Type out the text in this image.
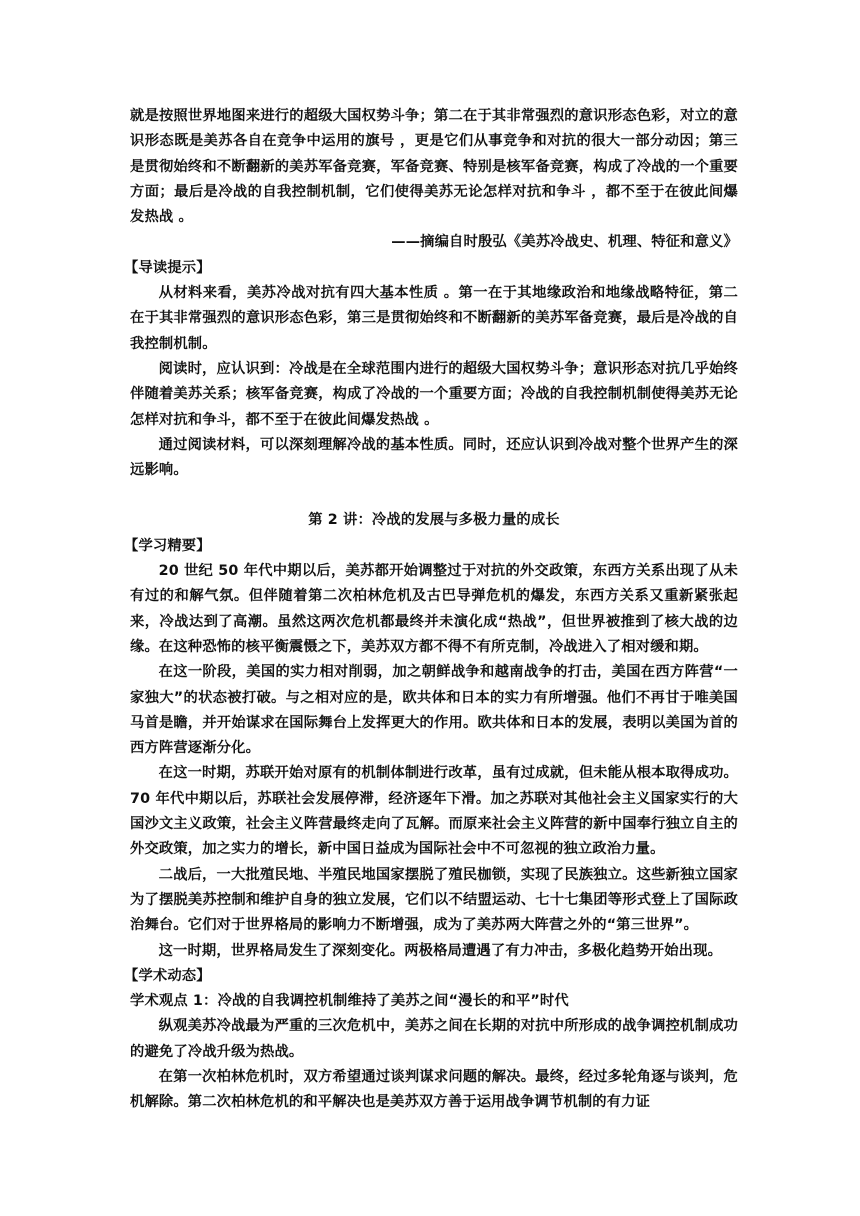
就是按照世界地图来进行的超级大国权势斗争；第二在于其非常强烈的意识形态色彩，对立的意识形态既是美苏各自在竞争中运用的旗号 ，更是它们从事竞争和对抗的很大一部分动因；第三是贯彻始终和不断翻新的美苏军备竞赛，军备竞赛、特别是核军备竞赛，构成了冷战的一个重要方面；最后是冷战的自我控制机制，它们使得美苏无论怎样对抗和争斗 ，都不至于在彼此间爆发热战 。

——摘编自时殷弘《美苏冷战史、机理、特征和意义》

【导读提示】

从材料来看，美苏冷战对抗有四大基本性质 。第一在于其地缘政治和地缘战略特征，第二在于其非常强烈的意识形态色彩，第三是贯彻始终和不断翻新的美苏军备竞赛，最后是冷战的自我控制机制。

阅读时，应认识到：冷战是在全球范围内进行的超级大国权势斗争；意识形态对抗几乎始终伴随着美苏关系；核军备竞赛，构成了冷战的一个重要方面；冷战的自我控制机制使得美苏无论怎样对抗和争斗，都不至于在彼此间爆发热战 。

通过阅读材料，可以深刻理解冷战的基本性质。同时，还应认识到冷战对整个世界产生的深远影响。

第 2 讲：冷战的发展与多极力量的成长

【学习精要】

20 世纪 50 年代中期以后，美苏都开始调整过于对抗的外交政策，东西方关系出现了从未有过的和解气氛。但伴随着第二次柏林危机及古巴导弹危机的爆发，东西方关系又重新紧张起来，冷战达到了高潮。虽然这两次危机都最终并未演化成“热战”，但世界被推到了核大战的边缘。在这种恐怖的核平衡震慑之下，美苏双方都不得不有所克制，冷战进入了相对缓和期。

在这一阶段，美国的实力相对削弱，加之朝鲜战争和越南战争的打击，美国在西方阵营“一家独大”的状态被打破。与之相对应的是，欧共体和日本的实力有所增强。他们不再甘于唯美国马首是瞻，并开始谋求在国际舞台上发挥更大的作用。欧共体和日本的发展，表明以美国为首的西方阵营逐渐分化。

在这一时期，苏联开始对原有的机制体制进行改革，虽有过成就，但未能从根本取得成功。70 年代中期以后，苏联社会发展停滞，经济逐年下滑。加之苏联对其他社会主义国家实行的大国沙文主义政策，社会主义阵营最终走向了瓦解。而原来社会主义阵营的新中国奉行独立自主的外交政策，加之实力的增长，新中国日益成为国际社会中不可忽视的独立政治力量。

二战后，一大批殖民地、半殖民地国家摆脱了殖民枷锁，实现了民族独立。这些新独立国家为了摆脱美苏控制和维护自身的独立发展，它们以不结盟运动、七十七集团等形式登上了国际政治舞台。它们对于世界格局的影响力不断增强，成为了美苏两大阵营之外的“第三世界”。

这一时期，世界格局发生了深刻变化。两极格局遭遇了有力冲击，多极化趋势开始出现。

【学术动态】

学术观点 1：冷战的自我调控机制维持了美苏之间“漫长的和平”时代

纵观美苏冷战最为严重的三次危机中，美苏之间在长期的对抗中所形成的战争调控机制成功的避免了冷战升级为热战。

在第一次柏林危机时，双方希望通过谈判谋求问题的解决。最终，经过多轮角逐与谈判，危机解除。第二次柏林危机的和平解决也是美苏双方善于运用战争调节机制的有力证
